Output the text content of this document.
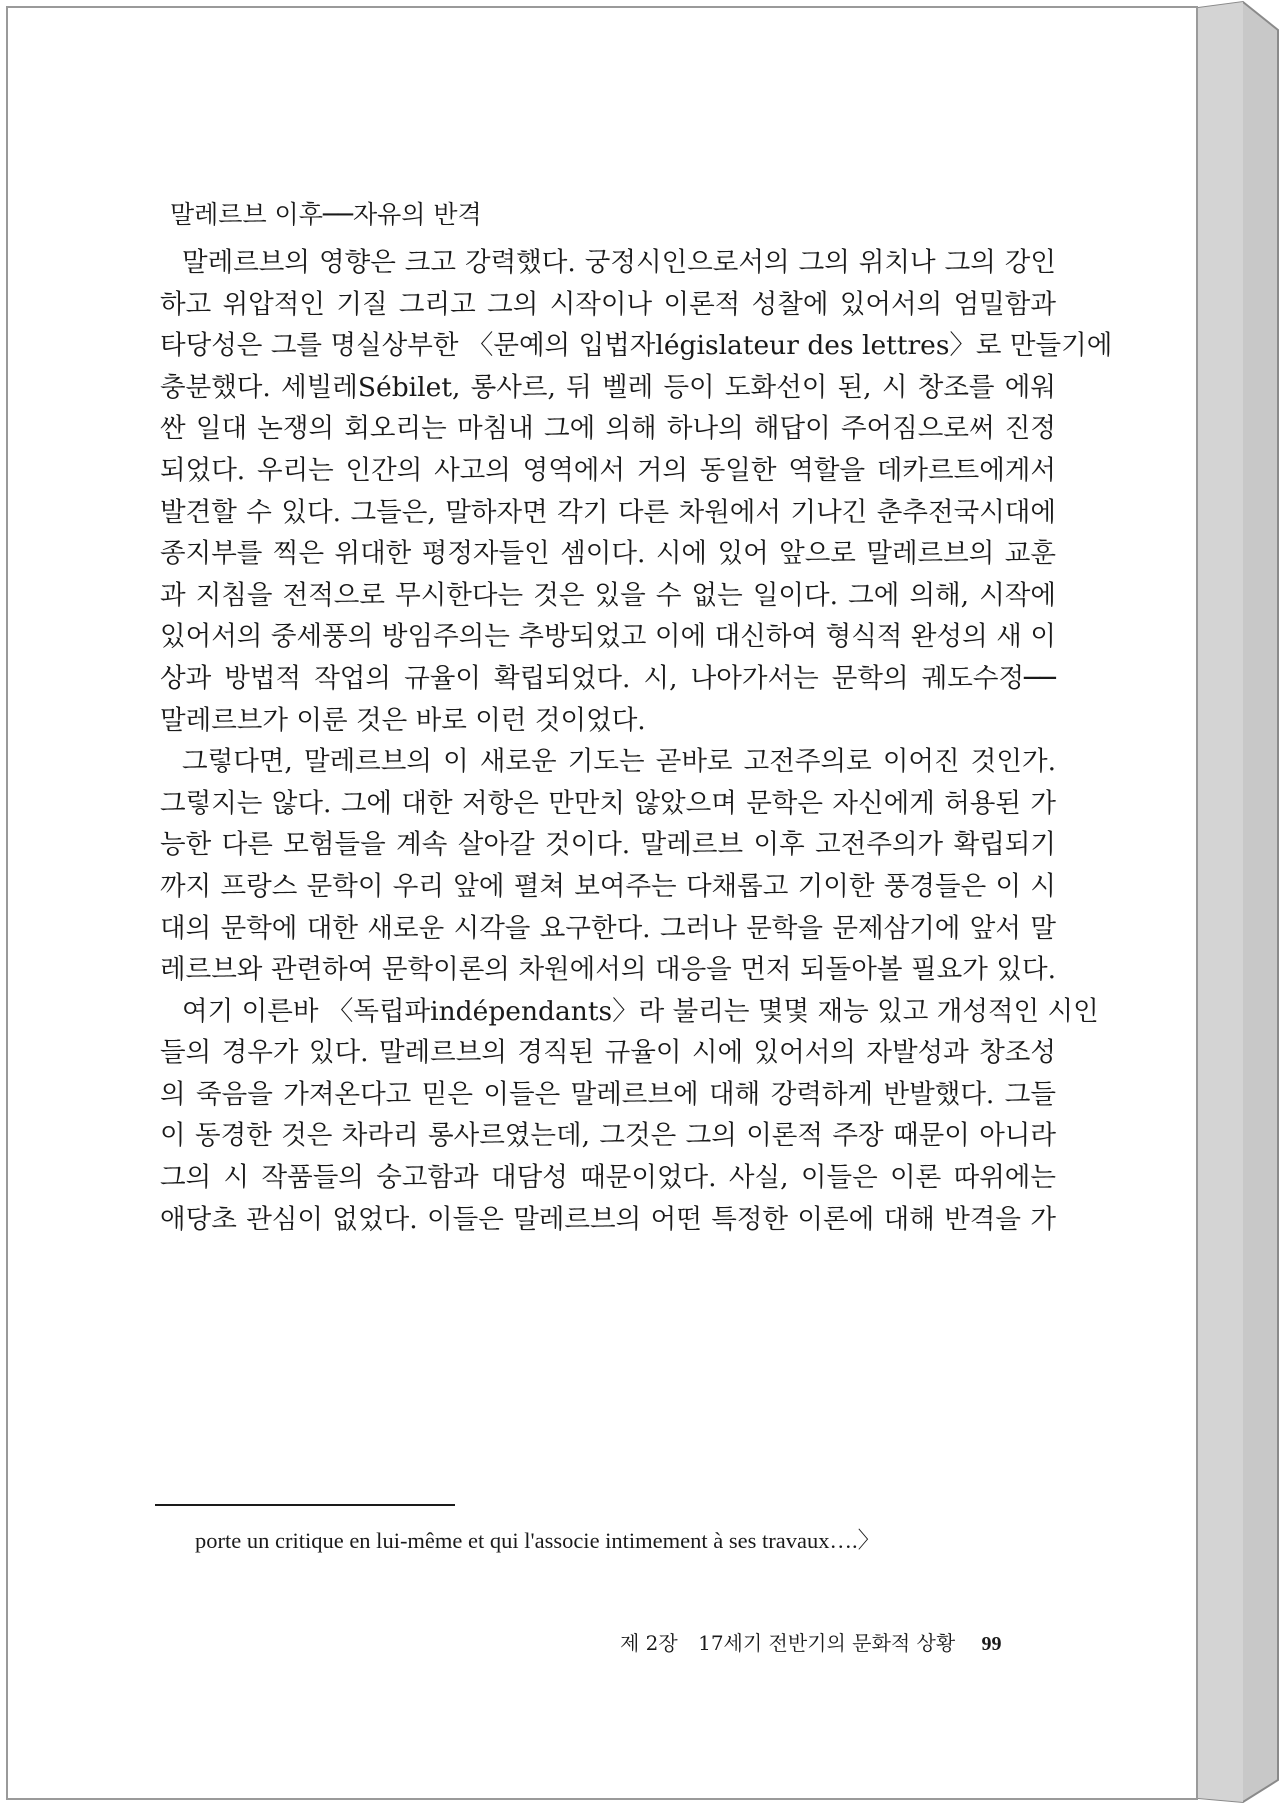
말레르브 이후──자유의 반격
말레르브의 영향은 크고 강력했다. 궁정시인으로서의 그의 위치나 그의 강인
하고 위압적인 기질 그리고 그의 시작이나 이론적 성찰에 있어서의 엄밀함과
타당성은 그를 명실상부한 〈문예의 입법자législateur des lettres〉로 만들기에
충분했다. 세빌레Sébilet, 롱사르, 뒤 벨레 등이 도화선이 된, 시 창조를 에워
싼 일대 논쟁의 회오리는 마침내 그에 의해 하나의 해답이 주어짐으로써 진정
되었다. 우리는 인간의 사고의 영역에서 거의 동일한 역할을 데카르트에게서
발견할 수 있다. 그들은, 말하자면 각기 다른 차원에서 기나긴 춘추전국시대에
종지부를 찍은 위대한 평정자들인 셈이다. 시에 있어 앞으로 말레르브의 교훈
과 지침을 전적으로 무시한다는 것은 있을 수 없는 일이다. 그에 의해, 시작에
있어서의 중세풍의 방임주의는 추방되었고 이에 대신하여 형식적 완성의 새 이
상과 방법적 작업의 규율이 확립되었다. 시, 나아가서는 문학의 궤도수정──
말레르브가 이룬 것은 바로 이런 것이었다.
그렇다면, 말레르브의 이 새로운 기도는 곧바로 고전주의로 이어진 것인가.
그렇지는 않다. 그에 대한 저항은 만만치 않았으며 문학은 자신에게 허용된 가
능한 다른 모험들을 계속 살아갈 것이다. 말레르브 이후 고전주의가 확립되기
까지 프랑스 문학이 우리 앞에 펼쳐 보여주는 다채롭고 기이한 풍경들은 이 시
대의 문학에 대한 새로운 시각을 요구한다. 그러나 문학을 문제삼기에 앞서 말
레르브와 관련하여 문학이론의 차원에서의 대응을 먼저 되돌아볼 필요가 있다.
여기 이른바 〈독립파indépendants〉라 불리는 몇몇 재능 있고 개성적인 시인
들의 경우가 있다. 말레르브의 경직된 규율이 시에 있어서의 자발성과 창조성
의 죽음을 가져온다고 믿은 이들은 말레르브에 대해 강력하게 반발했다. 그들
이 동경한 것은 차라리 롱사르였는데, 그것은 그의 이론적 주장 때문이 아니라
그의 시 작품들의 숭고함과 대담성 때문이었다. 사실, 이들은 이론 따위에는
애당초 관심이 없었다. 이들은 말레르브의 어떤 특정한 이론에 대해 반격을 가
porte un critique en lui-même et qui l'associe intimement à ses travaux….〉
제 2장 17세기 전반기의 문화적 상황 99
